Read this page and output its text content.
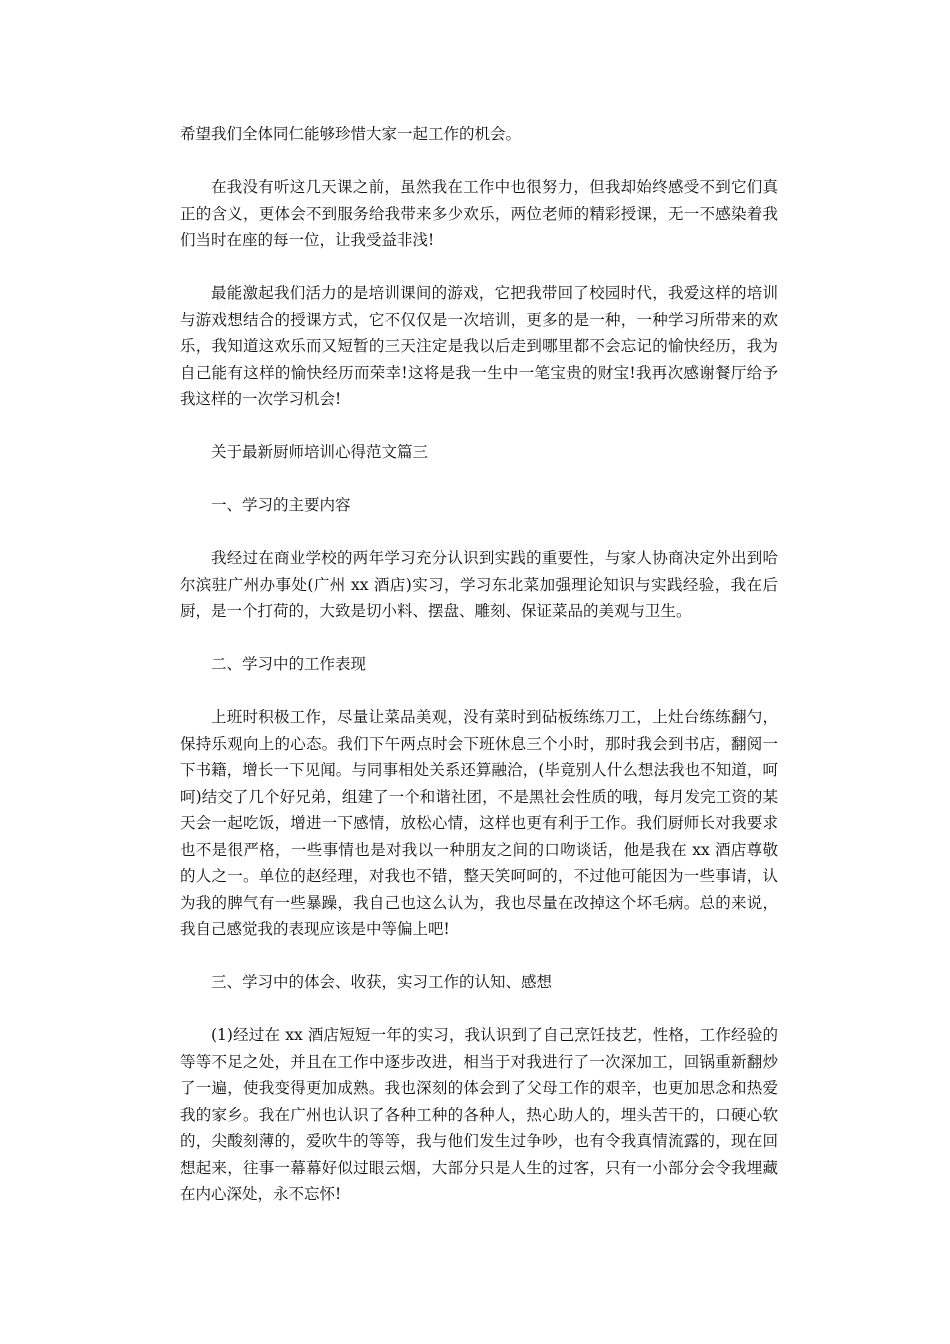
希望我们全体同仁能够珍惜大家一起工作的机会。

在我没有听这几天课之前，虽然我在工作中也很努力，但我却始终感受不到它们真正的含义，更体会不到服务给我带来多少欢乐，两位老师的精彩授课，无一不感染着我们当时在座的每一位，让我受益非浅!

最能激起我们活力的是培训课间的游戏，它把我带回了校园时代，我爱这样的培训与游戏想结合的授课方式，它不仅仅是一次培训，更多的是一种，一种学习所带来的欢乐，我知道这欢乐而又短暂的三天注定是我以后走到哪里都不会忘记的愉快经历，我为自己能有这样的愉快经历而荣幸!这将是我一生中一笔宝贵的财宝!我再次感谢餐厅给予我这样的一次学习机会!

关于最新厨师培训心得范文篇三

一、学习的主要内容

我经过在商业学校的两年学习充分认识到实践的重要性，与家人协商决定外出到哈尔滨驻广州办事处(广州 xx 酒店)实习，学习东北菜加强理论知识与实践经验，我在后厨，是一个打荷的，大致是切小料、摆盘、雕刻、保证菜品的美观与卫生。

二、学习中的工作表现

上班时积极工作，尽量让菜品美观，没有菜时到砧板练练刀工，上灶台练练翻勺，保持乐观向上的心态。我们下午两点时会下班休息三个小时，那时我会到书店，翻阅一下书籍，增长一下见闻。与同事相处关系还算融洽，(毕竟别人什么想法我也不知道，呵呵)结交了几个好兄弟，组建了一个和谐社团，不是黑社会性质的哦，每月发完工资的某天会一起吃饭，增进一下感情，放松心情，这样也更有利于工作。我们厨师长对我要求也不是很严格，一些事情也是对我以一种朋友之间的口吻谈话，他是我在 xx 酒店尊敬的人之一。单位的赵经理，对我也不错，整天笑呵呵的，不过他可能因为一些事请，认为我的脾气有一些暴躁，我自己也这么认为，我也尽量在改掉这个坏毛病。总的来说，我自己感觉我的表现应该是中等偏上吧!

三、学习中的体会、收获，实习工作的认知、感想

(1)经过在 xx 酒店短短一年的实习，我认识到了自己烹饪技艺，性格，工作经验的等等不足之处，并且在工作中逐步改进，相当于对我进行了一次深加工，回锅重新翻炒了一遍，使我变得更加成熟。我也深刻的体会到了父母工作的艰辛，也更加思念和热爱我的家乡。我在广州也认识了各种工种的各种人，热心助人的，埋头苦干的，口硬心软的，尖酸刻薄的，爱吹牛的等等，我与他们发生过争吵，也有令我真情流露的，现在回想起来，往事一幕幕好似过眼云烟，大部分只是人生的过客，只有一小部分会令我埋藏在内心深处，永不忘怀!
